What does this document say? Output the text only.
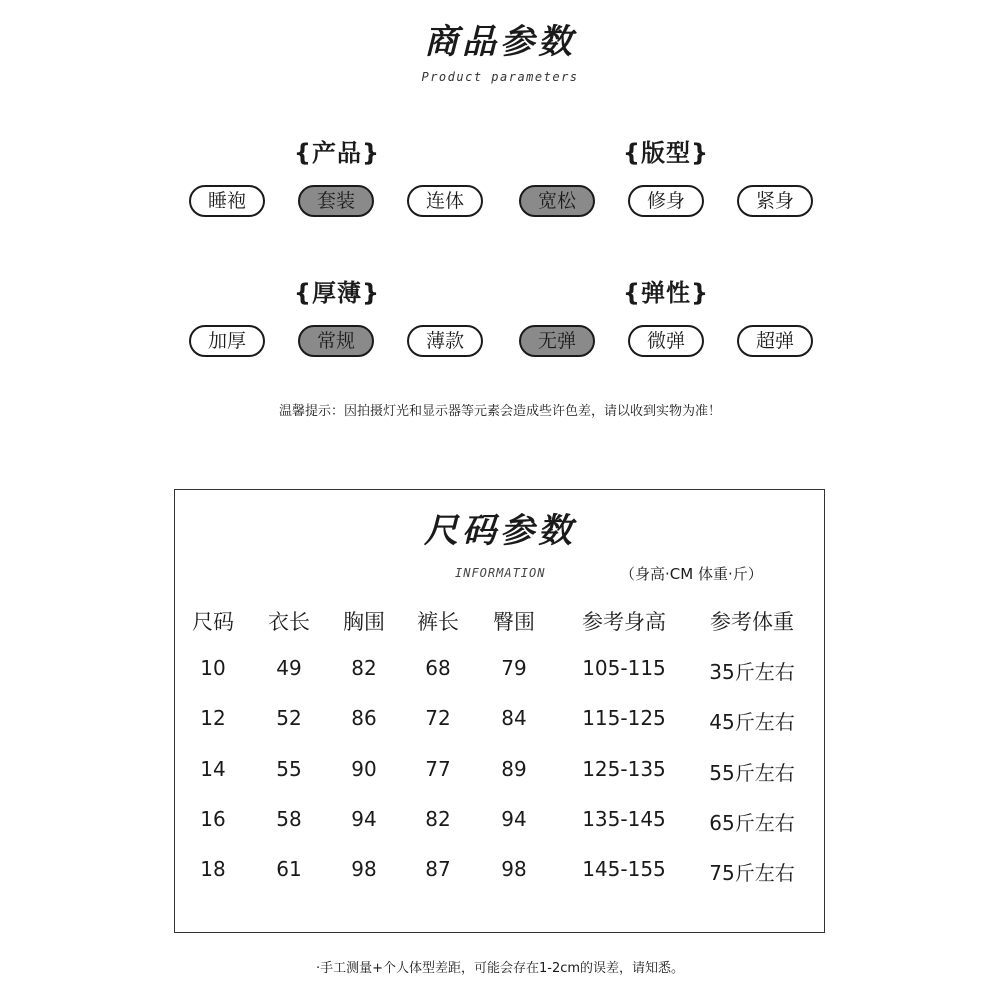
商品参数
Product parameters
{产品}
睡袍	套装	连体
{版型}
宽松	修身	紧身
{厚薄}
加厚	常规	薄款
{弹性}
无弹	微弹	超弹
温馨提示：因拍摄灯光和显示器等元素会造成些许色差，请以收到实物为准！
尺码参数
INFORMATION	（身高·CM 体重·斤）
尺码	衣长	胸围	裤长	臀围	参考身高	参考体重
10	49	82	68	79	105-115	35斤左右
12	52	86	72	84	115-125	45斤左右
14	55	90	77	89	125-135	55斤左右
16	58	94	82	94	135-145	65斤左右
18	61	98	87	98	145-155	75斤左右
·手工测量+个人体型差距，可能会存在1-2cm的误差，请知悉。
